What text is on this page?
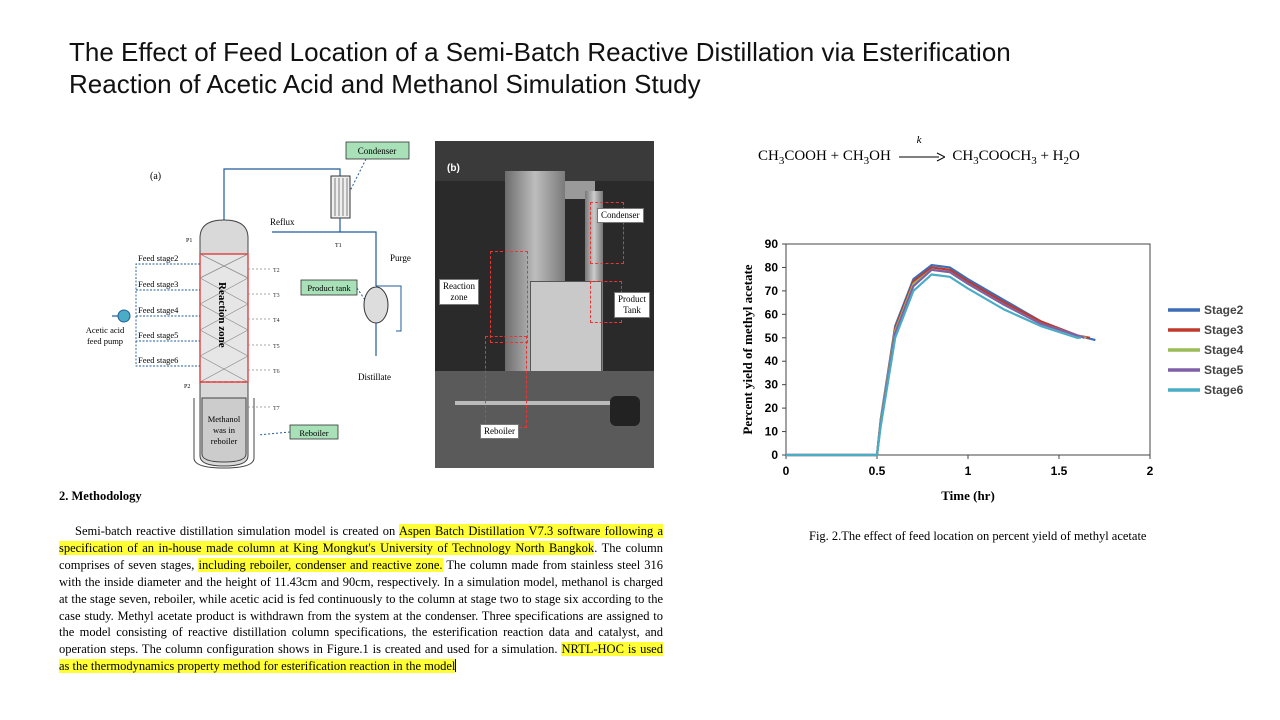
The Effect of Feed Location of a Semi-Batch Reactive Distillation via Esterification
Reaction of Acetic Acid and Methanol Simulation Study
(a)
Condenser
Reflux
T1
Product tank
Purge
Distillate
Reaction zone
Methanol
was in
reboiler
P1
P2
T2
T3
T4
T5
T6
T7
Feed stage2
Feed stage3
Feed stage4
Feed stage5
Feed stage6
Acetic acid
feed pump
Reboiler
(b)
Condenser
Reaction
zone	Product
Tank
Reboiler
2. Methodology
Semi-batch reactive distillation simulation model is created on Aspen Batch Distillation V7.3 software following a specification of an in-house made column at King Mongkut's University of Technology North Bangkok. The column comprises of seven stages, including reboiler, condenser and reactive zone. The column made from stainless steel 316 with the inside diameter and the height of 11.43cm and 90cm, respectively. In a simulation model, methanol is charged at the stage seven, reboiler, while acetic acid is fed continuously to the column at stage two to stage six according to the case study. Methyl acetate product is withdrawn from the system at the condenser. Three specifications are assigned to the model consisting of reactive distillation column specifications, the esterification reaction data and catalyst, and operation steps. The column configuration shows in Figure.1 is created and used for a simulation. NRTL-HOC is used as the thermodynamics property method for esterification reaction in the model
$CH_3COOH + CH_3OH$
k
$CH_3COOCH_3 + H_2O$
0
10
20
30
40
50
60
70
80
90
0	0.5	1	1.5	2
Time (hr)
Percent yield of methyl acetate	Stage2
Stage3
Stage4
Stage5
Stage6
Fig. 2.The effect of feed location on percent yield of methyl acetate
